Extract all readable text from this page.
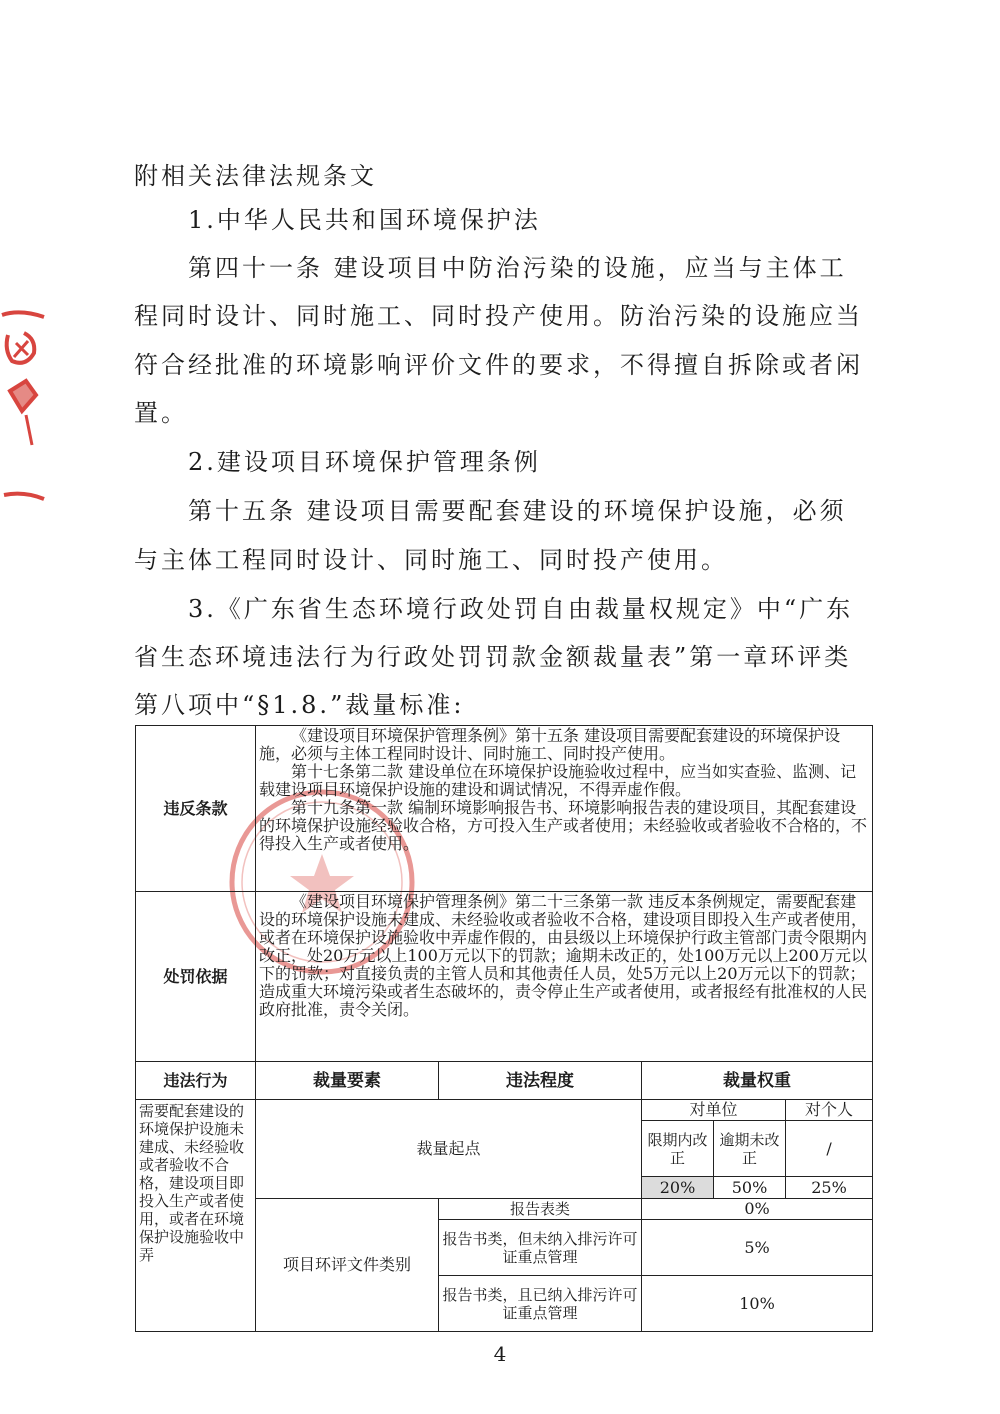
附相关法律法规条文
1.中华人民共和国环境保护法
第四十一条 建设项目中防治污染的设施，应当与主体工
程同时设计、同时施工、同时投产使用。防治污染的设施应当
符合经批准的环境影响评价文件的要求，不得擅自拆除或者闲
置。
2.建设项目环境保护管理条例
第十五条 建设项目需要配套建设的环境保护设施，必须
与主体工程同时设计、同时施工、同时投产使用。
3.《广东省生态环境行政处罚自由裁量权规定》中“广东
省生态环境违法行为行政处罚罚款金额裁量表”第一章环评类
第八项中“§1.8.”裁量标准:
违反条款	《建设项目环境保护管理条例》第十五条 建设项目需要配套建设的环境保护设施，必须与主体工程同时设计、同时施工、同时投产使用。
第十七条第二款 建设单位在环境保护设施验收过程中，应当如实查验、监测、记载建设项目环境保护设施的建设和调试情况，不得弄虚作假。
第十九条第一款 编制环境影响报告书、环境影响报告表的建设项目，其配套建设的环境保护设施经验收合格，方可投入生产或者使用；未经验收或者验收不合格的，不得投入生产或者使用。				

处罚依据	《建设项目环境保护管理条例》第二十三条第一款 违反本条例规定，需要配套建设的环境保护设施未建成、未经验收或者验收不合格，建设项目即投入生产或者使用，或者在环境保护设施验收中弄虚作假的，由县级以上环境保护行政主管部门责令限期内改正，处20万元以上100万元以下的罚款；逾期未改正的，处100万元以上200万元以下的罚款；对直接负责的主管人员和其他责任人员，处5万元以上20万元以下的罚款；造成重大环境污染或者生态破坏的，责令停止生产或者使用，或者报经有批准权的人民政府批准，责令关闭。				

违法行为	裁量要素	违法程度	裁量权重		
需要配套建设的环境保护设施未建成、未经验收或者验收不合格，建设项目即投入生产或者使用，或者在环境保护设施验收中弄	裁量起点		对单位		对个人
			限期内改正	逾期未改正	/
			20%	50%	25%
	项目环评文件类别	报告表类	0%		
		报告书类，但未纳入排污许可证重点管理	5%		
		报告书类，且已纳入排污许可证重点管理	10%		
4
